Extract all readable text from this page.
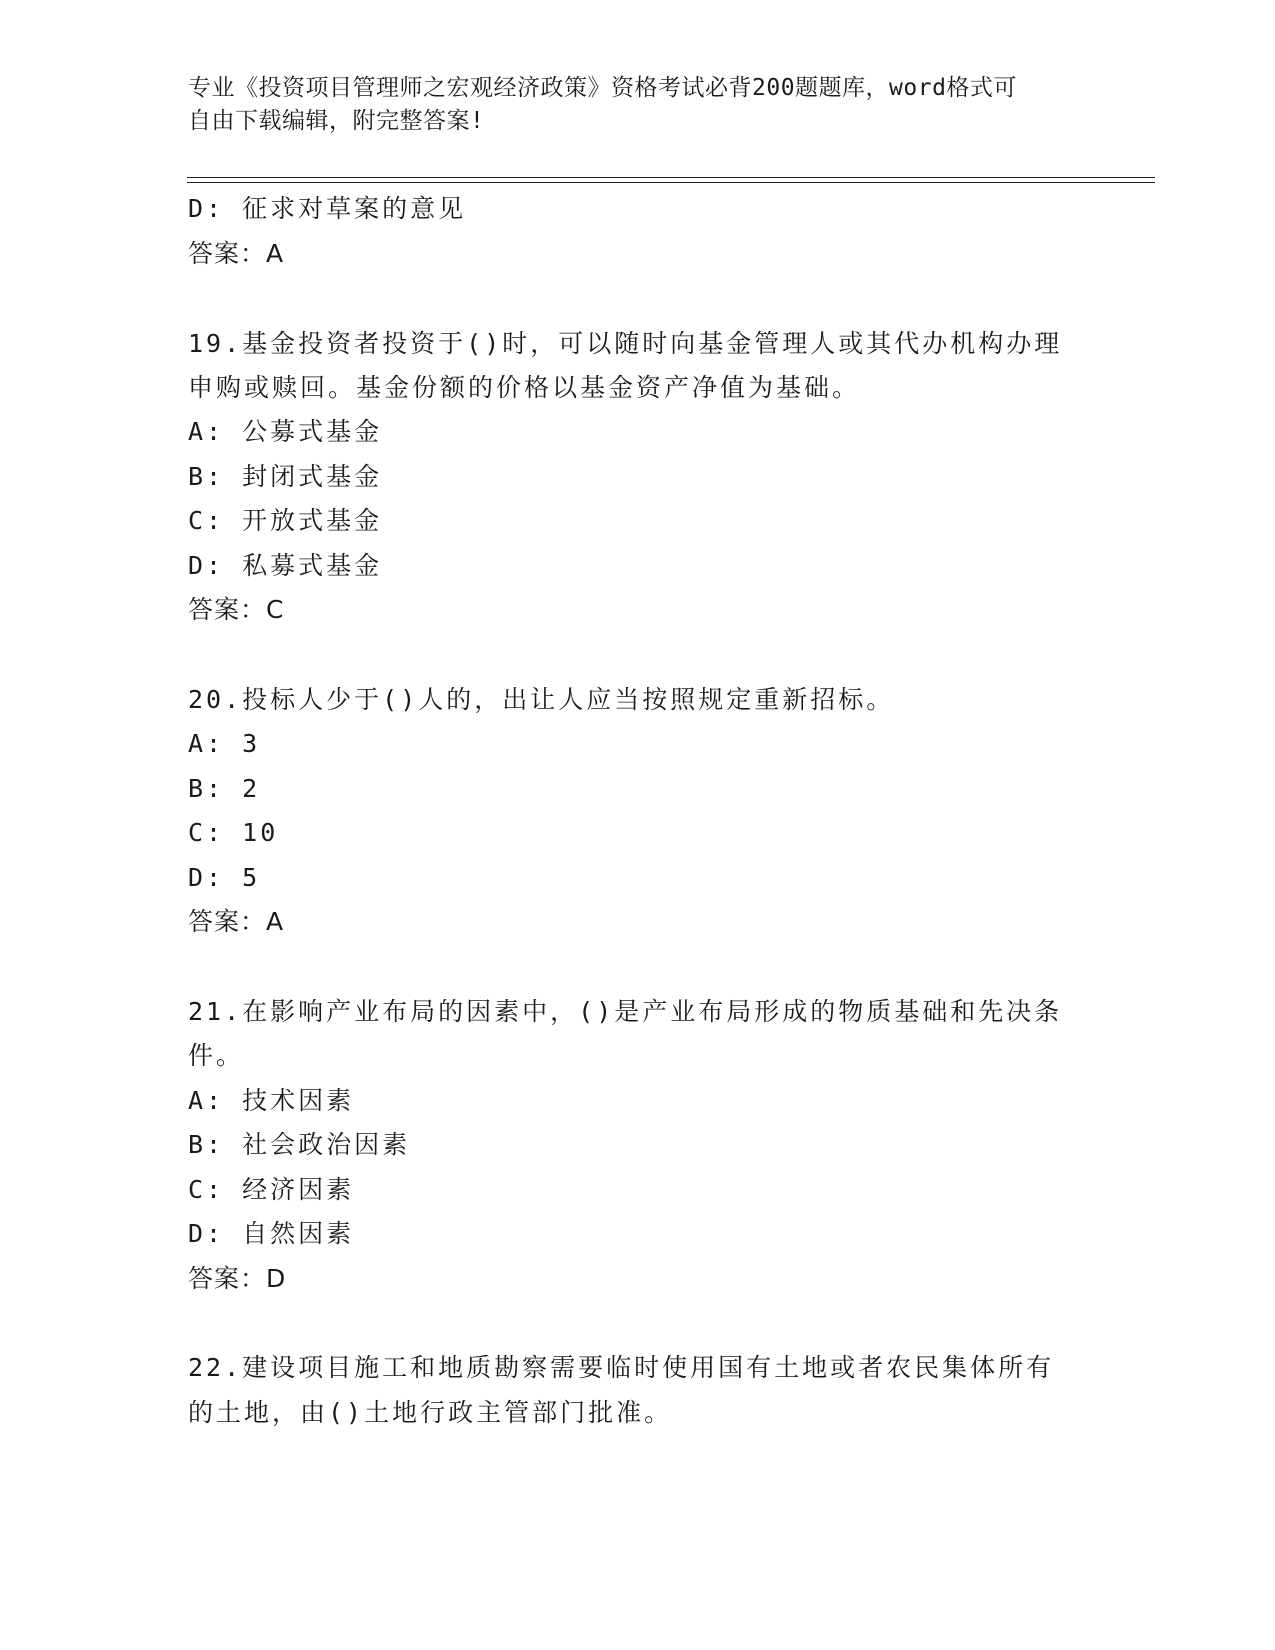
专业《投资项目管理师之宏观经济政策》资格考试必背200题题库，word格式可
自由下载编辑，附完整答案!
D: 征求对草案的意见
答案：A
19.基金投资者投资于()时，可以随时向基金管理人或其代办机构办理
申购或赎回。基金份额的价格以基金资产净值为基础。
A: 公募式基金
B: 封闭式基金
C: 开放式基金
D: 私募式基金
答案：C
20.投标人少于()人的，出让人应当按照规定重新招标。
A: 3
B: 2
C: 10
D: 5
答案：A
21.在影响产业布局的因素中，()是产业布局形成的物质基础和先决条
件。
A: 技术因素
B: 社会政治因素
C: 经济因素
D: 自然因素
答案：D
22.建设项目施工和地质勘察需要临时使用国有土地或者农民集体所有
的土地，由()土地行政主管部门批准。
